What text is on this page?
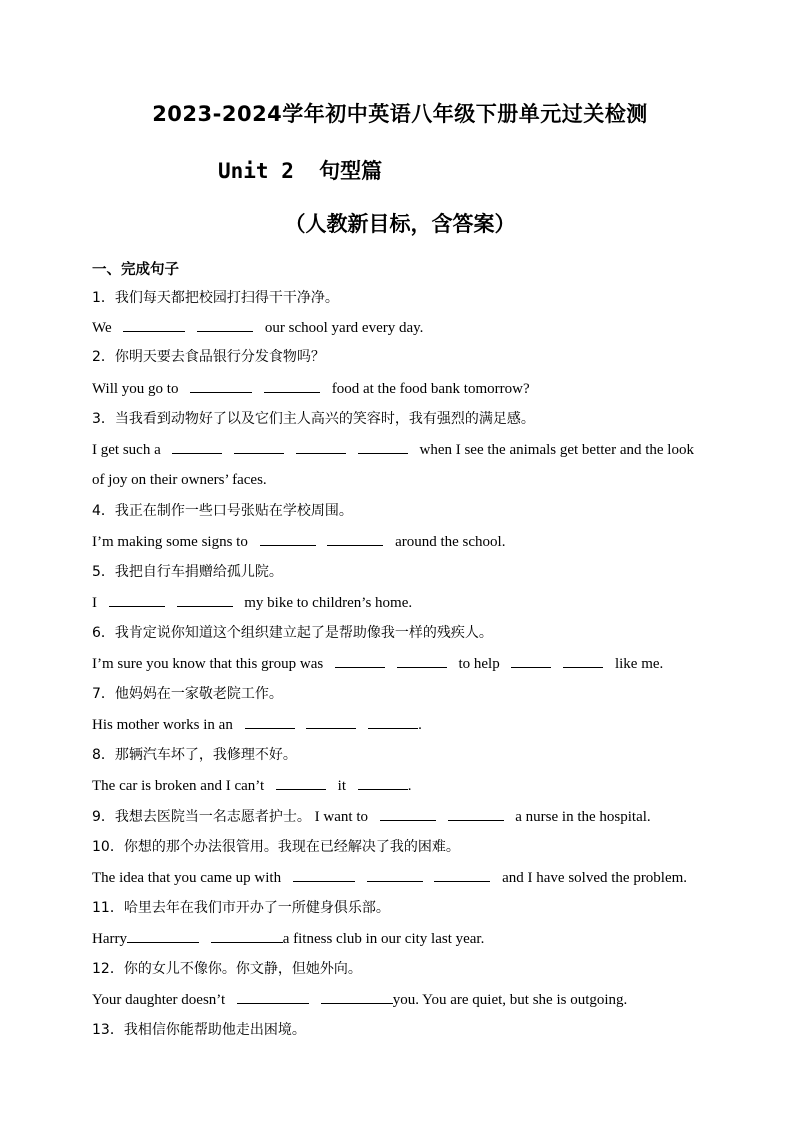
2023-2024学年初中英语八年级下册单元过关检测
Unit 2  句型篇
（人教新目标，含答案）
一、完成句子
1．我们每天都把校园打扫得干干净净。
We	our school yard every day.
2．你明天要去食品银行分发食物吗？
Will you go to	food at the food bank tomorrow?
3．当我看到动物好了以及它们主人高兴的笑容时，我有强烈的满足感。
I get such a	when I see the animals get better and the look
of joy on their owners’ faces.
4．我正在制作一些口号张贴在学校周围。
I’m making some signs to	around the school.
5．我把自行车捐赠给孤儿院。
I	my bike to children’s home.
6．我肯定说你知道这个组织建立起了是帮助像我一样的残疾人。
I’m sure you know that this group was	to help	like me.
7．他妈妈在一家敬老院工作。
His mother works in an	.
8．那辆汽车坏了，我修理不好。
The car is broken and I can’t	it	.
9．我想去医院当一名志愿者护士。 I want to	a nurse in the hospital.
10．你想的那个办法很管用。我现在已经解决了我的困难。
The idea that you came up with	and I have solved the problem.
11．哈里去年在我们市开办了一所健身俱乐部。
Harry	a fitness club in our city last year.
12．你的女儿不像你。你文静，但她外向。
Your daughter doesn’t	you. You are quiet, but she is outgoing.
13．我相信你能帮助他走出困境。
